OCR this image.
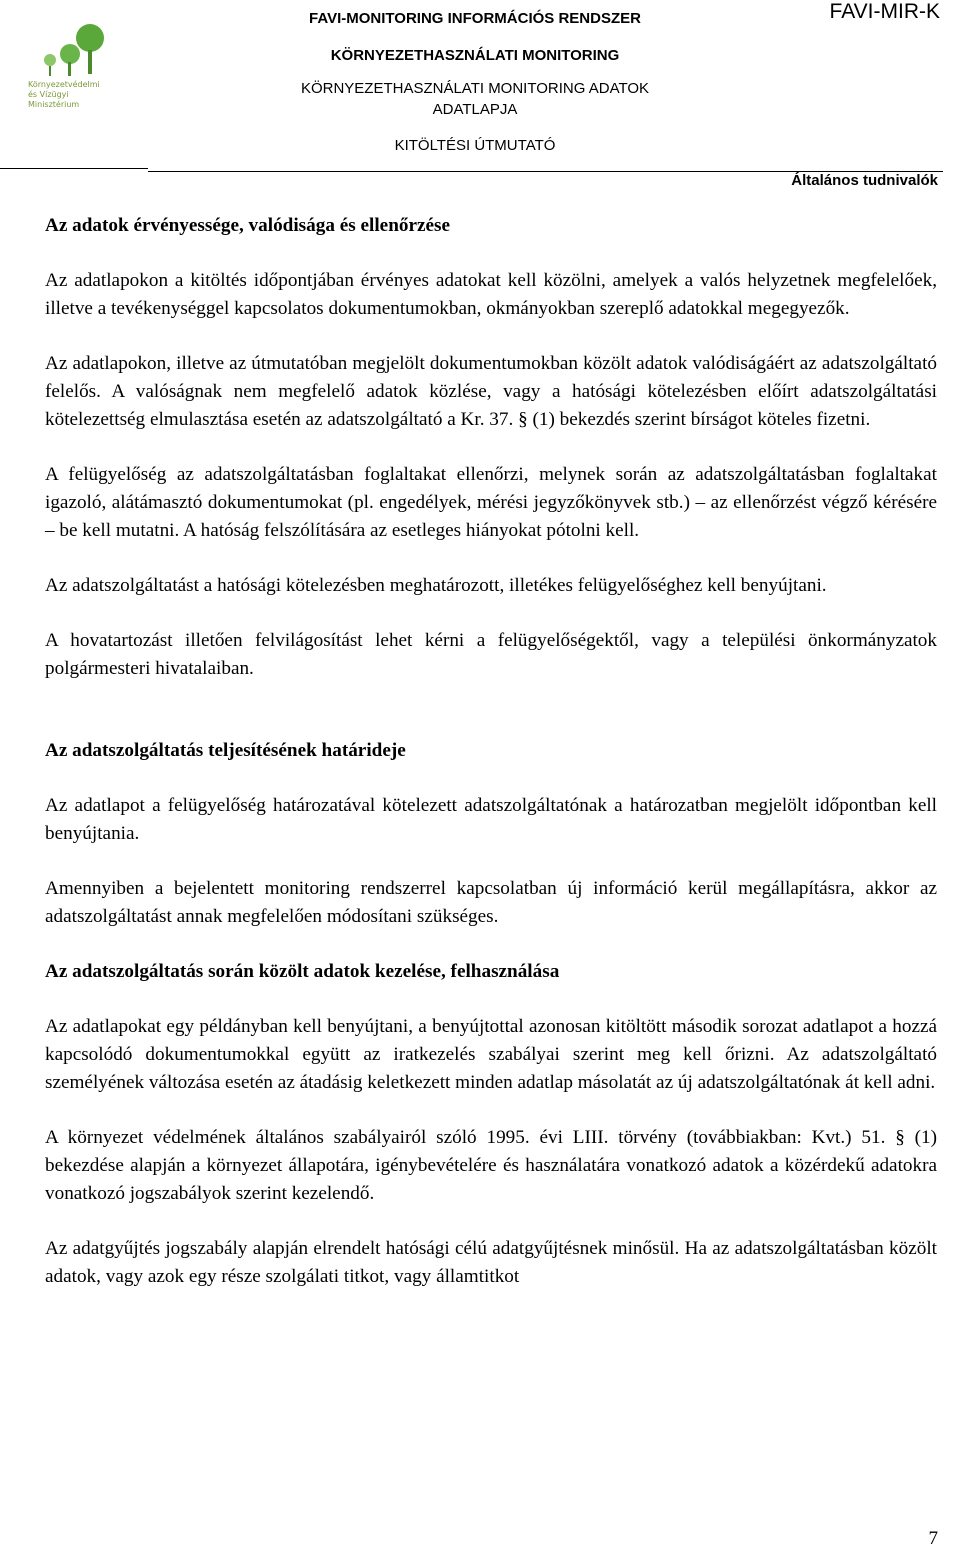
Környezetvédelmi
és Vízügyi
Minisztérium
FAVI-MONITORING INFORMÁCIÓS RENDSZER
KÖRNYEZETHASZNÁLATI MONITORING
KÖRNYEZETHASZNÁLATI MONITORING ADATOK
ADATLAPJA
KITÖLTÉSI ÚTMUTATÓ
FAVI-MIR-K
Általános tudnivalók
Az adatok érvényessége, valódisága és ellenőrzése

Az adatlapokon a kitöltés időpontjában érvényes adatokat kell közölni, amelyek a valós helyzetnek megfelelőek, illetve a tevékenységgel kapcsolatos dokumentumokban, okmányokban szereplő adatokkal megegyezők.

Az adatlapokon, illetve az útmutatóban megjelölt dokumentumokban közölt adatok valódiságáért az adatszolgáltató felelős. A valóságnak nem megfelelő adatok közlése, vagy a hatósági kötelezésben előírt adatszolgáltatási kötelezettség elmulasztása esetén az adatszolgáltató a Kr. 37. § (1) bekezdés szerint bírságot köteles fizetni.

A felügyelőség az adatszolgáltatásban foglaltakat ellenőrzi, melynek során az adatszolgáltatásban foglaltakat igazoló, alátámasztó dokumentumokat (pl. engedélyek, mérési jegyzőkönyvek stb.) – az ellenőrzést végző kérésére – be kell mutatni. A hatóság felszólítására az esetleges hiányokat pótolni kell.

Az adatszolgáltatást a hatósági kötelezésben meghatározott, illetékes felügyelőséghez kell benyújtani.

A hovatartozást illetően felvilágosítást lehet kérni a felügyelőségektől, vagy a települési önkormányzatok polgármesteri hivatalaiban.

Az adatszolgáltatás teljesítésének határideje

Az adatlapot a felügyelőség határozatával kötelezett adatszolgáltatónak a határozatban megjelölt időpontban kell benyújtania.

Amennyiben a bejelentett monitoring rendszerrel kapcsolatban új információ kerül megállapításra, akkor az adatszolgáltatást annak megfelelően módosítani szükséges.

Az adatszolgáltatás során közölt adatok kezelése, felhasználása

Az adatlapokat egy példányban kell benyújtani, a benyújtottal azonosan kitöltött második sorozat adatlapot a hozzá kapcsolódó dokumentumokkal együtt az iratkezelés szabályai szerint meg kell őrizni. Az adatszolgáltató személyének változása esetén az átadásig keletkezett minden adatlap másolatát az új adatszolgáltatónak át kell adni.

A környezet védelmének általános szabályairól szóló 1995. évi LIII. törvény (továbbiakban: Kvt.) 51. § (1) bekezdése alapján a környezet állapotára, igénybevételére és használatára vonatkozó adatok a közérdekű adatokra vonatkozó jogszabályok szerint kezelendő.

Az adatgyűjtés jogszabály alapján elrendelt hatósági célú adatgyűjtésnek minősül. Ha az adatszolgáltatásban közölt adatok, vagy azok egy része szolgálati titkot, vagy államtitkot

7
